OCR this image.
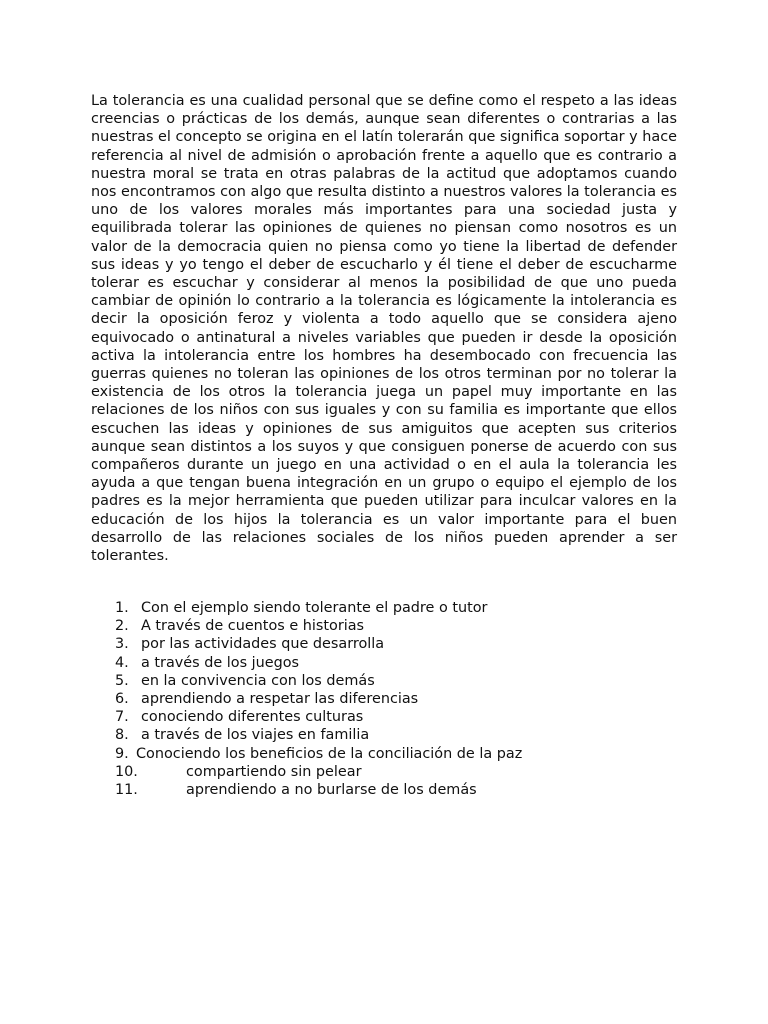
La tolerancia es una cualidad personal que se define como el respeto a las ideas creencias o prácticas de los demás, aunque sean diferentes o contrarias a las nuestras el concepto se origina en el latín tolerarán que significa soportar y hace referencia al nivel de admisión o aprobación frente a aquello que es contrario a nuestra moral se trata en otras palabras de la actitud que adoptamos cuando nos encontramos con algo que resulta distinto a nuestros valores la tolerancia es uno de los valores morales más importantes para una sociedad justa y equilibrada tolerar las opiniones de quienes no piensan como nosotros es un valor de la democracia quien no piensa como yo tiene la libertad de defender sus ideas y yo tengo el deber de escucharlo y él tiene el deber de escucharme tolerar es escuchar y considerar al menos la posibilidad de que uno pueda cambiar de opinión lo contrario a la tolerancia es lógicamente la intolerancia es decir la oposición feroz y violenta a todo aquello que se considera ajeno equivocado o antinatural a niveles variables que pueden ir desde la oposición activa la intolerancia entre los hombres ha desembocado con frecuencia las guerras quienes no toleran las opiniones de los otros terminan por no tolerar la existencia de los otros la tolerancia juega un papel muy importante en las relaciones de los niños con sus iguales y con su familia es importante que ellos escuchen las ideas y opiniones de sus amiguitos que acepten sus criterios aunque sean distintos a los suyos y que consiguen ponerse de acuerdo con sus compañeros durante un juego en una actividad o en el aula la tolerancia les ayuda a que tengan buena integración en un grupo o equipo el ejemplo de los padres es la mejor herramienta que pueden utilizar para inculcar valores en la educación de los hijos la tolerancia es un valor importante para el buen desarrollo de las relaciones sociales de los niños pueden aprender a ser tolerantes.

1. Con el ejemplo siendo tolerante el padre o tutor
2. A través de cuentos e historias
3. por las actividades que desarrolla
4. a través de los juegos
5. en la convivencia con los demás
6. aprendiendo a respetar las diferencias
7. conociendo diferentes culturas
8. a través de los viajes en familia
9. Conociendo los beneficios de la conciliación de la paz
10.	compartiendo sin pelear
11.	aprendiendo a no burlarse de los demás
